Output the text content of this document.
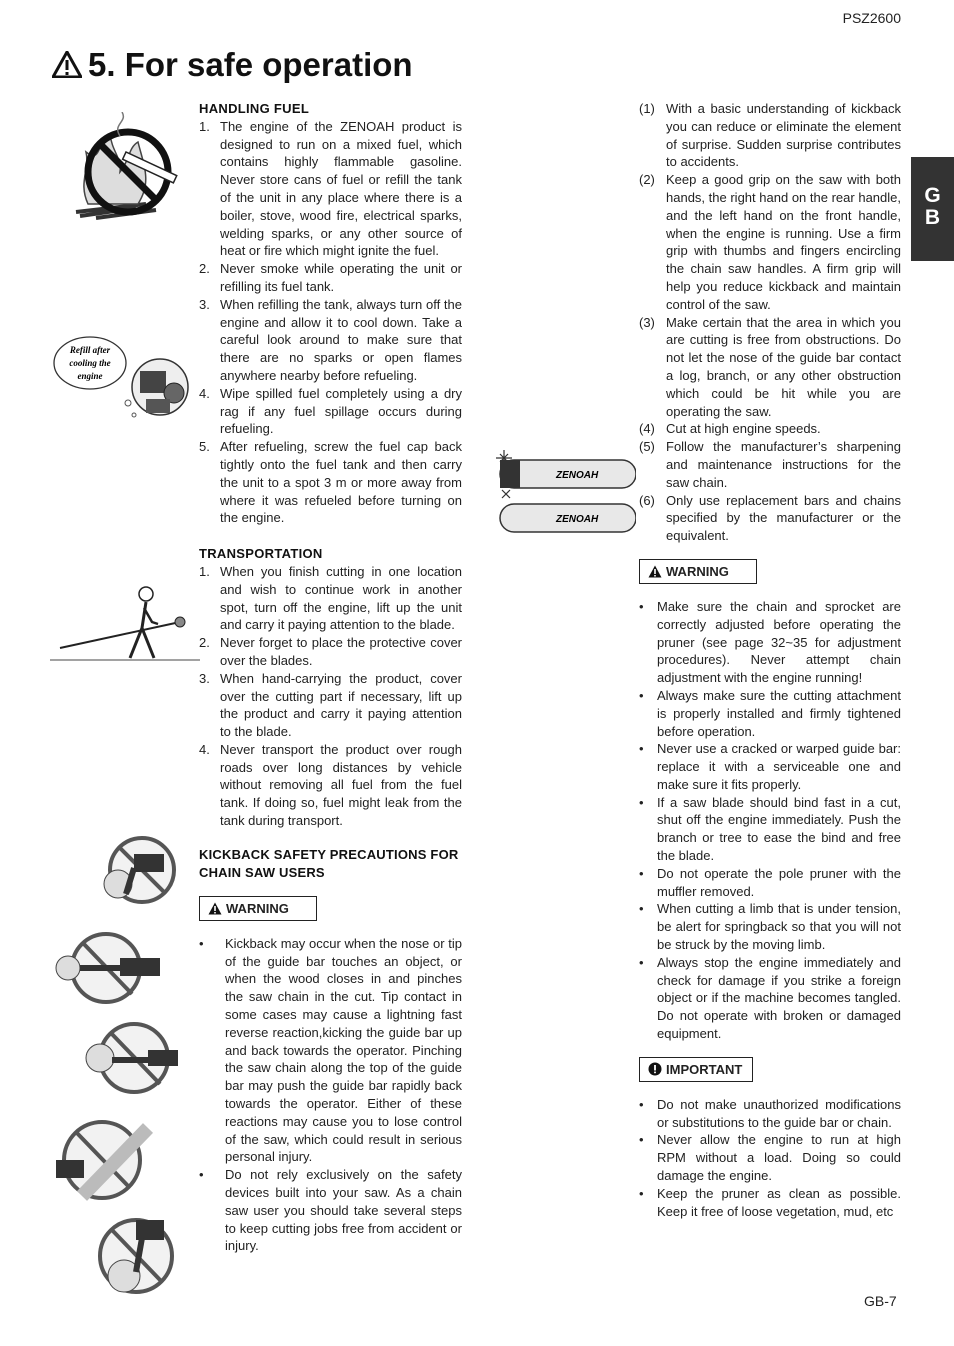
PSZ2600
5. For safe operation
G
B
Refill after
cooling the
engine
ZENOAH
ZENOAH
HANDLING FUEL
1. The engine of the ZENOAH product is designed to run on a mixed fuel, which contains highly flammable gasoline. Never store cans of fuel or refill the tank of the unit in any place where there is a boiler, stove, wood fire, electrical sparks, welding sparks, or any other source of heat or fire which might ignite the fuel.
2. Never smoke while operating the unit or refilling its fuel tank.
3. When refilling the tank, always turn off the engine and allow it to cool down. Take a careful look around to make sure that there are no sparks or open flames anywhere nearby before refueling.
4. Wipe spilled fuel completely using a dry rag if any fuel spillage occurs during refueling.
5. After refueling, screw the fuel cap back tightly onto the fuel tank and then carry the unit to a spot 3 m or more away from where it was refueled before turning on the engine.
TRANSPORTATION
1. When you finish cutting in one location and wish to continue work in another spot, turn off the engine, lift up the unit and carry it paying attention to the blade.
2. Never forget to place the protective cover over the blades.
3. When hand-carrying the product, cover over the cutting part if necessary, lift up the product and carry it paying attention to the blade.
4. Never transport the product over rough roads over long distances by vehicle without removing all fuel from the fuel tank. If doing so, fuel might leak from the tank during transport.
KICKBACK SAFETY PRECAUTIONS FOR CHAIN SAW USERS
WARNING
• Kickback may occur when the nose or tip of the guide bar touches an object, or when the wood closes in and pinches the saw chain in the cut. Tip contact in some cases may cause a lightning fast reverse reaction,kicking the guide bar up and back towards the operator. Pinching the saw chain along the top of the guide bar may push the guide bar rapidly back towards the operator. Either of these reactions may cause you to lose control of the saw, which could result in serious personal injury.
• Do not rely exclusively on the safety devices built into your saw. As a chain saw user you should take several steps to keep cutting jobs free from accident or injury.
(1) With a basic understanding of kickback you can reduce or eliminate the element of surprise. Sudden surprise contributes to accidents.
(2) Keep a good grip on the saw with both hands, the right hand on the rear handle, and the left hand on the front handle, when the engine is running. Use a firm grip with thumbs and fingers encircling the chain saw handles. A firm grip will help you reduce kickback and maintain control of the saw.
(3) Make certain that the area in which you are cutting is free from obstructions. Do not let the nose of the guide bar contact a log, branch, or any other obstruction which could be hit while you are operating the saw.
(4) Cut at high engine speeds.
(5) Follow the manufacturer’s sharpening and maintenance instructions for the saw chain.
(6) Only use replacement bars and chains specified by the manufacturer or the equivalent.
WARNING
• Make sure the chain and sprocket are correctly adjusted before operating the pruner (see page 32~35 for adjustment procedures). Never attempt chain adjustment with the engine running!
• Always make sure the cutting attachment is properly installed and firmly tightened before operation.
• Never use a cracked or warped guide bar: replace it with a serviceable one and make sure it fits properly.
• If a saw blade should bind fast in a cut, shut off the engine immediately. Push the branch or tree to ease the bind and free the blade.
• Do not operate the pole pruner with the muffler removed.
• When cutting a limb that is under tension, be alert for springback so that you will not be struck by the moving limb.
• Always stop the engine immediately and check for damage if you strike a foreign object or if the machine becomes tangled. Do not operate with broken or damaged equipment.
IMPORTANT
• Do not make unauthorized modifications or substitutions to the guide bar or chain.
• Never allow the engine to run at high RPM without a load. Doing so could damage the engine.
• Keep the pruner as clean as possible. Keep it free of loose vegetation, mud, etc
GB-7
